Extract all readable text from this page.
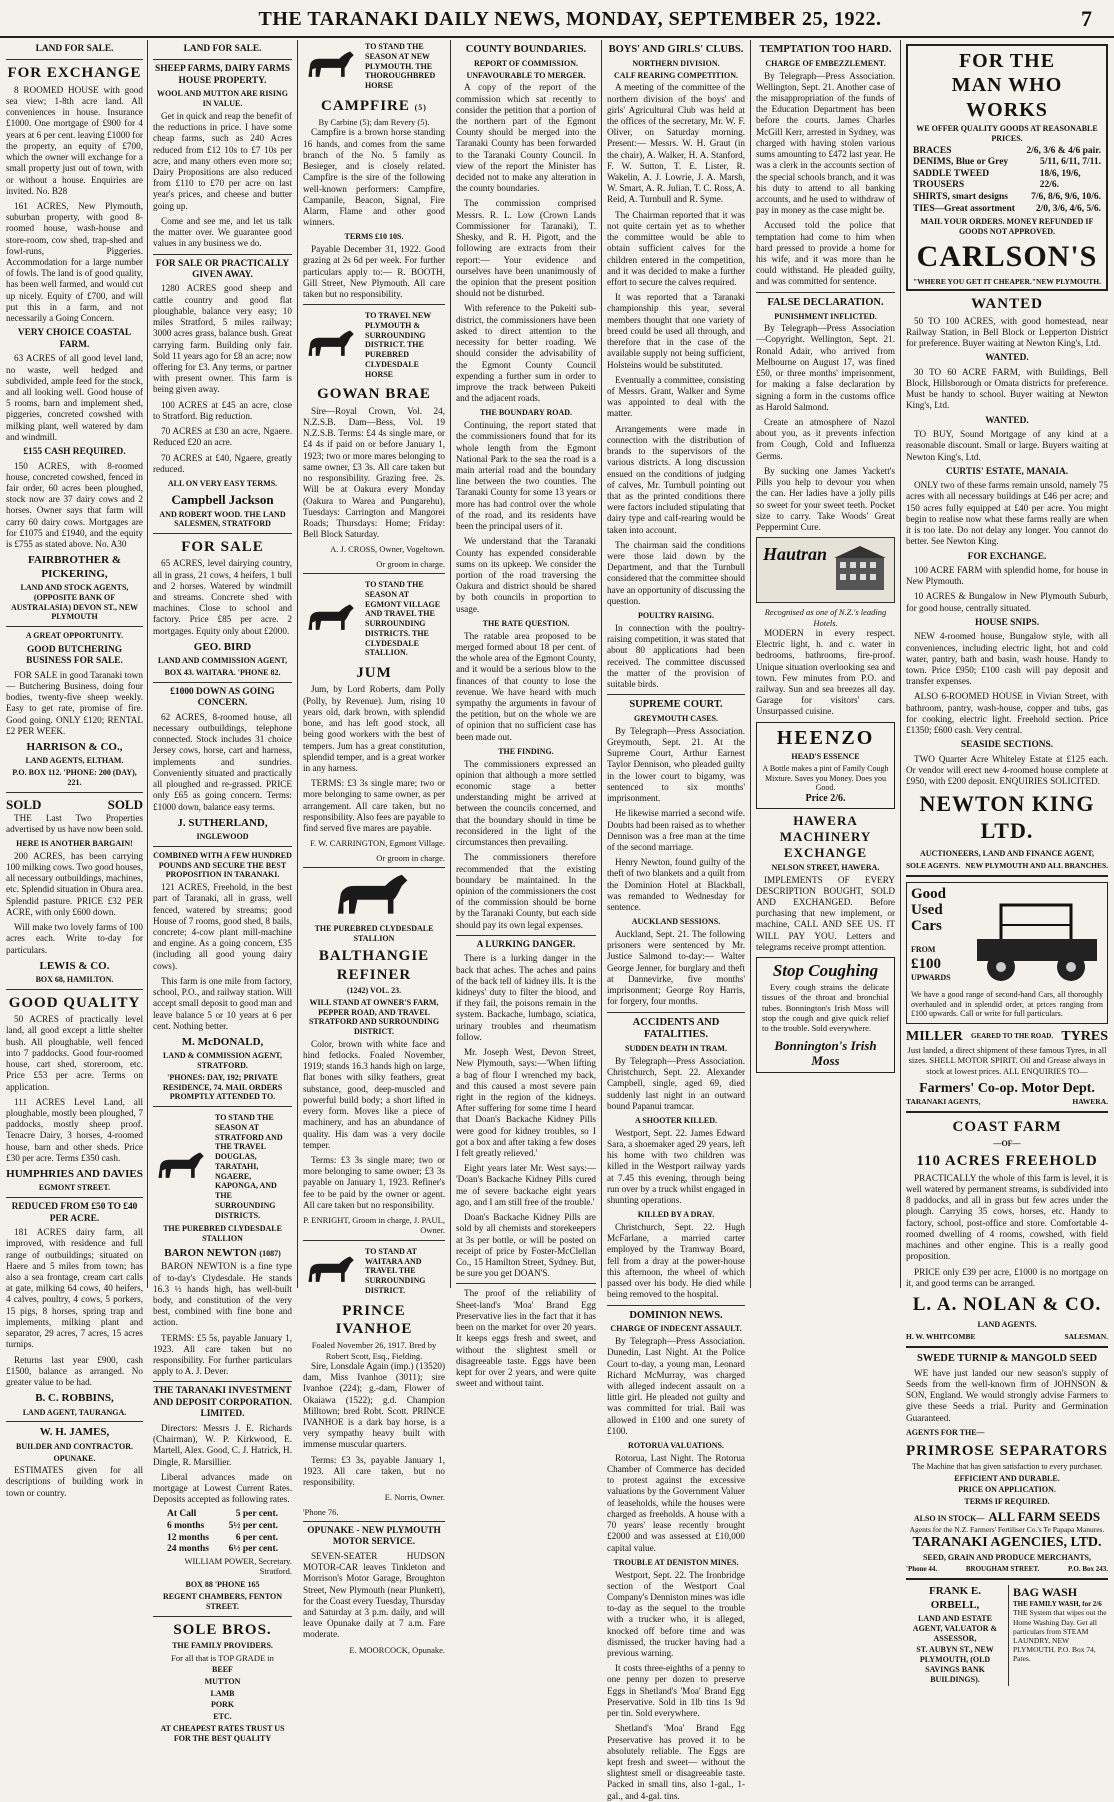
THE TARANAKI DAILY NEWS, MONDAY, SEPTEMBER 25, 1922.	7
LAND FOR SALE.
FOR EXCHANGE

8 ROOMED HOUSE with good sea view; 1-8th acre land. All conveniences in house. Insurance £1000. One mortgage of £900 for 4 years at 6 per cent. leaving £1000 for the property, an equity of £700, which the owner will exchange for a small property just out of town, with or without a house. Enquiries are invited. No. B28

161 ACRES, New Plymouth, suburban property, with good 8-roomed house, wash-house and store-room, cow shed, trap-shed and fowl-runs, Piggeries. Accommodation for a large number of fowls. The land is of good quality, has been well farmed, and would cut up nicely. Equity of £700, and will put this in a farm, and not necessarily a Going Concern.

VERY CHOICE COASTAL FARM.

63 ACRES of all good level land, no waste, well hedged and subdivided, ample feed for the stock, and all looking well. Good house of 5 rooms, barn and implement shed, piggeries, concreted cowshed with milking plant, well watered by dam and windmill.

£155 CASH REQUIRED.

150 ACRES, with 8-roomed house, concreted cowshed, fenced in fair order, 60 acres been ploughed, stock now are 37 dairy cows and 2 horses. Owner says that farm will carry 60 dairy cows. Mortgages are for £1075 and £1940, and the equity is £755 as stated above. No. A30

FAIRBROTHER & PICKERING,
LAND AND STOCK AGENTS, (OPPOSITE BANK OF AUSTRALASIA) DEVON ST., NEW PLYMOUTH
A GREAT OPPORTUNITY.
GOOD BUTCHERING BUSINESS FOR SALE.

FOR SALE in good Taranaki town— Butchering Business, doing four bodies, twenty-five sheep weekly. Easy to get rate, promise of fire. Good going. ONLY £120; RENTAL £2 PER WEEK.

HARRISON & CO.,
LAND AGENTS, ELTHAM.
P.O. BOX 112. 'PHONE: 200 (DAY), 221.
SOLD	SOLD

THE Last Two Properties advertised by us have now been sold.

HERE IS ANOTHER BARGAIN!

200 ACRES, has been carrying 100 milking cows. Two good houses, all necessary outbuildings, machines, etc. Splendid situation in Ohura area. Splendid pasture. PRICE £32 PER ACRE, with only £600 down.

Will make two lovely farms of 100 acres each. Write to-day for particulars.

LEWIS & CO.
BOX 68, HAMILTON.
GOOD QUALITY

50 ACRES of practically level land, all good except a little shelter bush. All ploughable, well fenced into 7 paddocks. Good four-roomed house, cart shed, storeroom, etc. Price £53 per acre. Terms on application.

111 ACRES Level Land, all ploughable, mostly been ploughed, 7 paddocks, mostly sheep proof. Tenacre Dairy, 3 horses, 4-roomed house, barn and other sheds. Price £30 per acre. Terms £350 cash.

HUMPHRIES AND DAVIES
EGMONT STREET.
REDUCED FROM £50 TO £40 PER ACRE.

181 ACRES dairy farm, all improved, with residence and full range of outbuildings; situated on Haere and 5 miles from town; has also a sea frontage, cream cart calls at gate, milking 64 cows, 40 heifers, 4 calves, poultry, 4 cows, 5 porkers, 15 pigs, 8 horses, spring trap and implements, milking plant and separator, 29 acres, 7 acres, 15 acres turnips.

Returns last year £900, cash £1500, balance as arranged. No greater value to be had.

B. C. ROBBINS,
LAND AGENT, TAURANGA.
W. H. JAMES,
BUILDER AND CONTRACTOR.
OPUNAKE.

ESTIMATES given for all descriptions of building work in town or country.

LAND FOR SALE.
SHEEP FARMS, DAIRY FARMS HOUSE PROPERTY.
WOOL AND MUTTON ARE RISING IN VALUE.

Get in quick and reap the benefit of the reductions in price. I have some cheap farms, such as 240 Acres reduced from £12 10s to £7 10s per acre, and many others even more so; Dairy Propositions are also reduced from £110 to £70 per acre on last year's prices, and cheese and butter going up.

Come and see me, and let us talk the matter over. We guarantee good values in any business we do.

FOR SALE OR PRACTICALLY GIVEN AWAY.

1280 ACRES good sheep and cattle country and good flat ploughable, balance very easy; 10 miles Stratford, 5 miles railway; 3000 acres grass, balance bush. Great carrying farm. Building only fair. Sold 11 years ago for £8 an acre; now offering for £3. Any terms, or partner with present owner. This farm is being given away.

100 ACRES at £45 an acre, close to Stratford. Big reduction.

70 ACRES at £30 an acre, Ngaere. Reduced £20 an acre.

70 ACRES at £40, Ngaere, greatly reduced.

ALL ON VERY EASY TERMS.
Campbell Jackson
AND ROBERT WOOD. THE LAND SALESMEN, STRATFORD
FOR SALE

65 ACRES, level dairying country, all in grass, 21 cows, 4 heifers, 1 bull and 2 horses. Watered by windmill and streams. Concrete shed with machines. Close to school and factory. Price £85 per acre. 2 mortgages. Equity only about £2000.

GEO. BIRD
LAND AND COMMISSION AGENT,
BOX 43. WAITARA. 'PHONE 82.
£1000 DOWN AS GOING CONCERN.

62 ACRES, 8-roomed house, all necessary outbuildings, telephone connected. Stock includes 31 choice Jersey cows, horse, cart and harness, implements and sundries. Conveniently situated and practically all ploughed and re-grassed. PRICE only £65 as going concern. Terms: £1000 down, balance easy terms.

J. SUTHERLAND,
INGLEWOOD
COMBINED WITH A FEW HUNDRED POUNDS AND SECURE THE BEST PROPOSITION IN TARANAKI.

121 ACRES, Freehold, in the best part of Taranaki, all in grass, well fenced, watered by streams; good House of 7 rooms, good shed, 8 bails, concrete; 4-cow plant mill-machine and engine. As a going concern, £35 (including all good young dairy cows).

This farm is one mile from factory, school, P.O., and railway station. Will accept small deposit to good man and leave balance 5 or 10 years at 6 per cent. Nothing better.

M. McDONALD,
LAND & COMMISSION AGENT, STRATFORD.
'PHONES: DAY, 192; PRIVATE RESIDENCE, 74. MAIL ORDERS PROMPTLY ATTENDED TO.
TO STAND THE SEASON AT STRATFORD AND THE TRAVEL DOUGLAS, TARATAHI, NGAERE, KAPONGA, AND THE SURROUNDING DISTRICTS.
THE PUREBRED CLYDESDALE STALLION
BARON NEWTON (1087)

BARON NEWTON is a fine type of to-day's Clydesdale. He stands 16.3 ½ hands high, has well-built body, and constitution of the very best, combined with fine bone and action.

TERMS: £5 5s, payable January 1, 1923. All care taken but no responsibility. For further particulars apply to A. J. Dever.

THE TARANAKI INVESTMENT AND DEPOSIT CORPORATION. LIMITED.

Directors: Messrs J. E. Richards (Chairman), W. P. Kirkwood, E. Martell, Alex. Good, C. J. Hatrick, H. Dingle, R. Marsillier.

Liberal advances made on mortgage at Lowest Current Rates. Deposits accepted as following rates.

At Call	5 per cent.
6 months	5½ per cent.
12 months	6 per cent.
24 months 6½ per cent.
WILLIAM POWER, Secretary. Stratford.
BOX 88 'PHONE 165
REGENT CHAMBERS, FENTON STREET.
SOLE BROS.
THE FAMILY PROVIDERS.
For all that is TOP GRADE in
BEEF
MUTTON
LAMB
PORK
ETC.
AT CHEAPEST RATES TRUST US FOR THE BEST QUALITY
TO STAND THE SEASON AT NEW PLYMOUTH. THE THOROUGHBRED HORSE
CAMPFIRE (5)
By Carbine (5); dam Revery (5).

Campfire is a brown horse standing 16 hands, and comes from the same branch of the No. 5 family as Besieger, and is closely related. Campfire is the sire of the following well-known performers: Campfire, Campanile, Beacon, Signal, Fire Alarm, Flame and other good winners.

TERMS £10 10S.

Payable December 31, 1922. Good grazing at 2s 6d per week. For further particulars apply to:— R. BOOTH, Gill Street, New Plymouth. All care taken but no responsibility.

TO TRAVEL NEW PLYMOUTH & SURROUNDING DISTRICT. THE PUREBRED CLYDESDALE HORSE
GOWAN BRAE

Sire—Royal Crown, Vol. 24, N.Z.S.B. Dam—Bess, Vol. 19 N.Z.S.B. Terms: £4 4s single mare, or £4 4s if paid on or before January 1, 1923; two or more mares belonging to same owner, £3 3s. All care taken but no responsibility. Grazing free. 2s. Will be at Oakura every Monday (Oakura to Warea and Pungarehu), Tuesdays: Carrington and Mangorei Roads; Thursdays: Home; Friday: Bell Block Saturday.

A. J. CROSS, Owner, Vogeltown.
Or groom in charge.
TO STAND THE SEASON AT EGMONT VILLAGE AND TRAVEL THE SURROUNDING DISTRICTS. THE CLYDESDALE STALLION.
JUM

Jum, by Lord Roberts, dam Polly (Polly, by Revenue). Jum, rising 10 years old, dark brown, with splendid bone, and has left good stock, all being good workers with the best of tempers. Jum has a great constitution, splendid temper, and is a great worker in any harness.

TERMS: £3 3s single mare; two or more belonging to same owner, as per arrangement. All care taken, but no responsibility. Also fees are payable to find served five mares are payable.

F. W. CARRINGTON, Egmont Village.
Or groom in charge.
THE PUREBRED CLYDESDALE STALLION
BALTHANGIE REFINER
(1242) VOL. 23.
WILL STAND AT OWNER'S FARM, PEPPER ROAD, AND TRAVEL STRATFORD AND SURROUNDING DISTRICT.

Color, brown with white face and hind fetlocks. Foaled November, 1919; stands 16.3 hands high on large, flat bones with silky feathers, great substance, good, deep-muscled and powerful build body; a short lifted in every form. Moves like a piece of machinery, and has an abundance of quality. His dam was a very docile temper.

Terms: £3 3s single mare; two or more belonging to same owner; £3 3s payable on January 1, 1923. Refiner's fee to be paid by the owner or agent. All care taken but no responsibility.

P. ENRIGHT, Groom in charge, J. PAUL, Owner.
TO STAND AT WAITARA AND TRAVEL THE SURROUNDING DISTRICT.
PRINCE IVANHOE
Foaled November 26, 1917. Bred by Robert Scott, Esq., Fielding.

Sire, Lonsdale Again (imp.) (13520) dam, Miss Ivanhoe (3011); sire Ivanhoe (224); g.-dam, Flower of Okaiawa (1522); g.d. Champion Milltown; bred Robt. Scott. PRINCE IVANHOE is a dark bay horse, is a very sympathy heavy built with immense muscular quarters.

Terms: £3 3s, payable January 1, 1923. All care taken, but no responsibility.

E. Norris, Owner.
'Phone 76.
OPUNAKE - NEW PLYMOUTH MOTOR SERVICE.

SEVEN-SEATER HUDSON MOTOR-CAR leaves Tinkleton and Morrison's Motor Garage, Broughton Street, New Plymouth (near Plunkett), for the Coast every Tuesday, Thursday and Saturday at 3 p.m. daily, and will leave Opunake daily at 7 a.m. Fare moderate.

E. MOORCOCK, Opunake.
COUNTY BOUNDARIES.
REPORT OF COMMISSION.
UNFAVOURABLE TO MERGER.

A copy of the report of the commission which sat recently to consider the petition that a portion of the northern part of the Egmont County should be merged into the Taranaki County has been forwarded to the Taranaki County Council. In view of the report the Minister has decided not to make any alteration in the county boundaries.

The commission comprised Messrs. R. L. Low (Crown Lands Commissioner for Taranaki), T. Shesky, and R. H. Pigott, and the following are extracts from their report:— Your evidence and ourselves have been unanimously of the opinion that the present position should not be disturbed.

With reference to the Pukeiti sub-district, the commissioners have been asked to direct attention to the necessity for better roading. We should consider the advisability of the Egmont County Council expending a further sum in order to improve the track between Pukeiti and the adjacent roads.

THE BOUNDARY ROAD.

Continuing, the report stated that the commissioners found that for its whole length from the Egmont National Park to the sea the road is a main arterial road and the boundary line between the two counties. The Taranaki County for some 13 years or more has had control over the whole of the road, and its residents have been the principal users of it.

We understand that the Taranaki County has expended considerable sums on its upkeep. We consider the portion of the road traversing the Oakura and district should be shared by both councils in proportion to usage.

THE RATE QUESTION.

The ratable area proposed to be merged formed about 18 per cent. of the whole area of the Egmont County, and it would be a serious blow to the finances of that county to lose the revenue. We have heard with much sympathy the arguments in favour of the petition, but on the whole we are of opinion that no sufficient case has been made out.

THE FINDING.

The commissioners expressed an opinion that although a more settled economic stage a better understanding might be arrived at between the councils concerned, and that the boundary should in time be reconsidered in the light of the circumstances then prevailing.

The commissioners therefore recommended that the existing boundary be maintained. In the opinion of the commissioners the cost of the commission should be borne by the Taranaki County, but each side should pay its own legal expenses.

A LURKING DANGER.

There is a lurking danger in the back that aches. The aches and pains of the back tell of kidney ills. It is the kidneys' duty to filter the blood, and if they fail, the poisons remain in the system. Backache, lumbago, sciatica, urinary troubles and rheumatism follow.

Mr. Joseph West, Devon Street, New Plymouth, says:—'When lifting a bag of flour I wrenched my back, and this caused a most severe pain right in the region of the kidneys. After suffering for some time I heard that Doan's Backache Kidney Pills were good for kidney troubles, so I got a box and after taking a few doses I felt greatly relieved.'

Eight years later Mr. West says:— 'Doan's Backache Kidney Pills cured me of severe backache eight years ago, and I am still free of the trouble.'

Doan's Backache Kidney Pills are sold by all chemists and storekeepers at 3s per bottle, or will be posted on receipt of price by Foster-McClellan Co., 15 Hamilton Street, Sydney. But, be sure you get DOAN'S.

The proof of the reliability of Sheet-land's 'Moa' Brand Egg Preservative lies in the fact that it has been on the market for over 20 years. It keeps eggs fresh and sweet, and without the slightest smell or disagreeable taste. Eggs have been kept for over 2 years, and were quite sweet and without taint.

BOYS' AND GIRLS' CLUBS.
NORTHERN DIVISION.
CALF REARING COMPETITION.

A meeting of the committee of the northern division of the boys' and girls' Agricultural Club was held at the offices of the secretary, Mr. W. F. Oliver, on Saturday morning. Present:— Messrs. W. H. Graut (in the chair), A. Walker, H. A. Stanford, F. W. Sutton, T. E. Lister, R. Wakelin, A. J. Lowrie, J. A. Marsh, W. Smart, A. R. Julian, T. C. Ross, A. Reid, A. Turnbull and R. Syme.

The Chairman reported that it was not quite certain yet as to whether the committee would be able to obtain sufficient calves for the children entered in the competition, and it was decided to make a further effort to secure the calves required.

It was reported that a Taranaki championship this year, several members thought that one variety of breed could be used all through, and therefore that in the case of the available supply not being sufficient, Holsteins would be substituted.

Eventually a committee, consisting of Messrs. Grant, Walker and Syme was appointed to deal with the matter.

Arrangements were made in connection with the distribution of brands to the supervisors of the various districts. A long discussion ensued on the conditions of judging of calves, Mr. Turnbull pointing out that as the printed conditions there were factors included stipulating that dairy type and calf-rearing would be taken into account.

The chairman said the conditions were those laid down by the Department, and that the Turnbull considered that the committee should have an opportunity of discussing the question.

POULTRY RAISING.

In connection with the poultry-raising competition, it was stated that about 80 applications had been received. The committee discussed the matter of the provision of suitable birds.

SUPREME COURT.
GREYMOUTH CASES.

By Telegraph—Press Association. Greymouth, Sept. 21. At the Supreme Court, Arthur Earnest Taylor Dennison, who pleaded guilty in the lower court to bigamy, was sentenced to six months' imprisonment.

He likewise married a second wife. Doubts had been raised as to whether Dennison was a free man at the time of the second marriage.

Henry Newton, found guilty of the theft of two blankets and a quilt from the Dominion Hotel at Blackball, was remanded to Wednesday for sentence.

AUCKLAND SESSIONS.

Auckland, Sept. 21. The following prisoners were sentenced by Mr. Justice Salmond to-day:— Walter George Jenner, for burglary and theft at Dannevirke, five months' imprisonment; George Roy Harris, for forgery, four months.

ACCIDENTS AND FATALITIES.
SUDDEN DEATH IN TRAM.

By Telegraph—Press Association. Christchurch, Sept. 22. Alexander Campbell, single, aged 69, died suddenly last night in an outward bound Papanui tramcar.

A SHOOTER KILLED.

Westport, Sept. 22. James Edward Sara, a shoemaker aged 29 years, left his home with two children was killed in the Westport railway yards at 7.45 this evening, through being run over by a truck whilst engaged in shunting operations.

KILLED BY A DRAY.

Christchurch, Sept. 22. Hugh McFarlane, a married carter employed by the Tramway Board, fell from a dray at the power-house this afternoon, the wheel of which passed over his body. He died while being removed to the hospital.

DOMINION NEWS.
CHARGE OF INDECENT ASSAULT.

By Telegraph—Press Association. Dunedin, Last Night. At the Police Court to-day, a young man, Leonard Richard McMurray, was charged with alleged indecent assault on a little girl. He pleaded not guilty and was committed for trial. Bail was allowed in £100 and one surety of £100.

ROTORUA VALUATIONS.

Rotorua, Last Night. The Rotorua Chamber of Commerce has decided to protest against the excessive valuations by the Government Valuer of leaseholds, while the houses were charged as freeholds. A house with a 70 years' lease recently brought £2000 and was assessed at £10,000 capital value.

TROUBLE AT DENISTON MINES.

Westport, Sept. 22. The Ironbridge section of the Westport Coal Company's Denniston mines was idle to-day as the sequel to the trouble with a trucker who, it is alleged, knocked off before time and was dismissed, the trucker having had a previous warning.

It costs three-eighths of a penny to one penny per dozen to preserve Eggs in Shetland's 'Moa' Brand Egg Preservative. Sold in 1lb tins 1s 9d per tin. Sold everywhere.

Shetland's 'Moa' Brand Egg Preservative has proved it to be absolutely reliable. The Eggs are kept fresh and sweet— without the slightest smell or disagreeable taste. Packed in small tins, also 1-gal., 1-gal., and 4-gal. tins.

TEMPTATION TOO HARD.
CHARGE OF EMBEZZLEMENT.

By Telegraph—Press Association. Wellington, Sept. 21. Another case of the misappropriation of the funds of the Education Department has been before the courts. James Charles McGill Kerr, arrested in Sydney, was charged with having stolen various sums amounting to £472 last year. He was a clerk in the accounts section of the special schools branch, and it was his duty to attend to all banking accounts, and he used to withdraw of pay in money as the case might be.

Accused told the police that temptation had come to him when hard pressed to provide a home for his wife, and it was more than he could withstand. He pleaded guilty, and was committed for sentence.

FALSE DECLARATION.
PUNISHMENT INFLICTED.

By Telegraph—Press Association—Copyright. Wellington, Sept. 21. Ronald Adair, who arrived from Melbourne on August 17, was fined £50, or three months' imprisonment, for making a false declaration by signing a form in the customs office as Harold Salmond.

Create an atmosphere of Nazol about you, as it prevents infection from Cough, Cold and Influenza Germs.

By sucking one James Yackett's Pills you help to devour you when the can. Her ladies have a jolly pills so sweet for your sweet teeth. Pocket size to carry. Take Woods' Great Peppermint Cure.

Hautran
Recognised as one of N.Z.'s leading Hotels.

MODERN in every respect. Electric light, h. and c. water in bedrooms, bathrooms, fire-proof. Unique situation overlooking sea and town. Few minutes from P.O. and railway. Sun and sea breezes all day. Garage for visitors' cars. Unsurpassed cuisine.

HEENZO
HEAD'S ESSENCE
A Bottle makes a pint of Family Cough Mixture. Saves you Money. Does you Good.
Price 2/6.
HAWERA MACHINERY EXCHANGE
NELSON STREET, HAWERA.

IMPLEMENTS OF EVERY DESCRIPTION BOUGHT, SOLD AND EXCHANGED. Before purchasing that new implement, or machine, CALL AND SEE US. IT WILL PAY YOU. Letters and telegrams receive prompt attention.

Stop Coughing

Every cough strains the delicate tissues of the throat and bronchial tubes. Bonnington's Irish Moss will stop the cough and give quick relief to the trouble. Sold everywhere.

Bonnington's Irish Moss
FOR THE
MAN WHO WORKS
WE OFFER QUALITY GOODS AT REASONABLE PRICES.
BRACES	2/6, 3/6 & 4/6 pair.
DENIMS, Blue or Grey	5/11, 6/11, 7/11.
SADDLE TWEED TROUSERS
18/6, 19/6, 22/6.
SHIRTS, smart designs 7/6, 8/6, 9/6, 10/6.
TIES—Great assortment 2/0, 3/6, 4/6, 5/6.
MAIL YOUR ORDERS. MONEY REFUNDED IF GOODS NOT APPROVED.
CARLSON'S
"WHERE YOU GET IT CHEAPER." NEW PLYMOUTH.
WANTED

50 TO 100 ACRES, with good homestead, near Railway Station, in Bell Block or Lepperton District for preference. Buyer waiting at Newton King's, Ltd.

WANTED.

30 TO 60 ACRE FARM, with Buildings, Bell Block, Hillsborough or Omata districts for preference. Must be handy to school. Buyer waiting at Newton King's, Ltd.

WANTED.

TO BUY, Sound Mortgage of any kind at a reasonable discount. Small or large. Buyers waiting at Newton King's, Ltd.

CURTIS' ESTATE, MANAIA.

ONLY two of these farms remain unsold, namely 75 acres with all necessary buildings at £46 per acre; and 150 acres fully equipped at £40 per acre. You might begin to realise now what these farms really are when it is too late. Do not delay any longer. You cannot do better. See Newton King.

FOR EXCHANGE.

100 ACRE FARM with splendid home, for house in New Plymouth.

10 ACRES & Bungalow in New Plymouth Suburb, for good house, centrally situated.

HOUSE SNIPS.

NEW 4-roomed house, Bungalow style, with all conveniences, including electric light, hot and cold water, pantry, bath and basin, wash house. Handy to town. Price £950; £100 cash will pay deposit and transfer expenses.

ALSO 6-ROOMED HOUSE in Vivian Street, with bathroom, pantry, wash-house, copper and tubs, gas for cooking, electric light. Freehold section. Price £1350; £600 cash. Very central.

SEASIDE SECTIONS.

TWO Quarter Acre Whiteley Estate at £125 each. Or vendor will erect new 4-roomed house complete at £950, with £200 deposit. ENQUIRIES SOLICITED.

NEWTON KING LTD.
AUCTIONEERS, LAND AND FINANCE AGENT,
SOLE AGENTS. NEW PLYMOUTH AND ALL BRANCHES.
Good Used Cars
FROM
£100
UPWARDS
We have a good range of second-hand Cars, all thoroughly overhauled and in splendid order, at prices ranging from £100 upwards. Call or write for full particulars.
MILLER GEARED TO THE ROAD. TYRES

Just landed, a direct shipment of these famous Tyres, in all sizes. SHELL MOTOR SPIRIT. Oil and Grease always in stock at lowest prices. ALL ENQUIRIES TO—

Farmers' Co-op. Motor Dept.
TARANAKI AGENTS,	HAWERA.
COAST FARM
—OF—
110 ACRES FREEHOLD

PRACTICALLY the whole of this farm is level, it is well watered by permanent streams, is subdivided into 8 paddocks, and all in grass but few acres under the plough. Carrying 35 cows, horses, etc. Handy to factory, school, post-office and store. Comfortable 4-roomed dwelling of 4 rooms, cowshed, with field machines and other engine. This is a really good proposition.

PRICE only £39 per acre, £1000 is no mortgage on it, and good terms can be arranged.

L. A. NOLAN & CO.
LAND AGENTS.
H. W. WHITCOMBE	SALESMAN.
SWEDE TURNIP & MANGOLD SEED

WE have just landed our new season's supply of Seeds from the well-known firm of JOHNSON & SON, England. We would strongly advise Farmers to give these Seeds a trial. Purity and Germination Guaranteed.

AGENTS FOR THE—
PRIMROSE SEPARATORS
The Machine that has given satisfaction to every purchaser.
EFFICIENT AND DURABLE.
PRICE ON APPLICATION.
TERMS IF REQUIRED.
ALSO IN STOCK— ALL FARM SEEDS
Agents for the N.Z. Farmers' Fertiliser Co.'s Te Papapa Manures.
TARANAKI AGENCIES, LTD.
SEED, GRAIN AND PRODUCE MERCHANTS,
'Phone 44.	BROUGHAM STREET.	P.O. Box 243.
FRANK E. ORBELL,
LAND AND ESTATE AGENT, VALUATOR & ASSESSOR,
ST. AUBYN ST., NEW PLYMOUTH, (OLD SAVINGS BANK BUILDINGS).
BAG WASH
THE FAMILY WASH, for 2/6
THE System that wipes out the Home Washing Day. Get all particulars from STEAM LAUNDRY, NEW PLYMOUTH. P.O. Box 74, Pates.
